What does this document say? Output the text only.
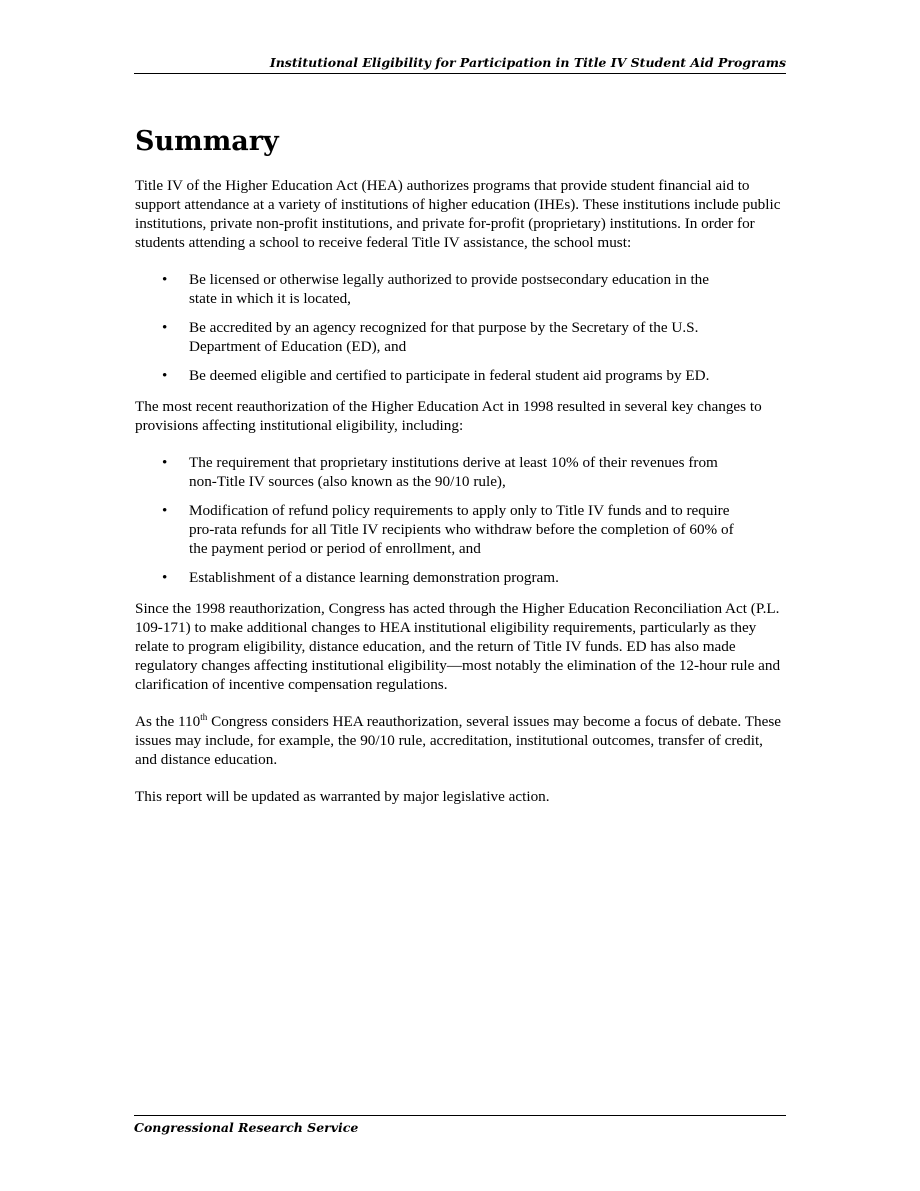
Institutional Eligibility for Participation in Title IV Student Aid Programs
Summary

Title IV of the Higher Education Act (HEA) authorizes programs that provide student financial aid to support attendance at a variety of institutions of higher education (IHEs). These institutions include public institutions, private non-profit institutions, and private for-profit (proprietary) institutions. In order for students attending a school to receive federal Title IV assistance, the school must:

• Be licensed or otherwise legally authorized to provide postsecondary education in the state in which it is located,
• Be accredited by an agency recognized for that purpose by the Secretary of the U.S. Department of Education (ED), and
• Be deemed eligible and certified to participate in federal student aid programs by ED.

The most recent reauthorization of the Higher Education Act in 1998 resulted in several key changes to provisions affecting institutional eligibility, including:

• The requirement that proprietary institutions derive at least 10% of their revenues from non-Title IV sources (also known as the 90/10 rule),
• Modification of refund policy requirements to apply only to Title IV funds and to require pro-rata refunds for all Title IV recipients who withdraw before the completion of 60% of the payment period or period of enrollment, and
• Establishment of a distance learning demonstration program.

Since the 1998 reauthorization, Congress has acted through the Higher Education Reconciliation Act (P.L. 109-171) to make additional changes to HEA institutional eligibility requirements, particularly as they relate to program eligibility, distance education, and the return of Title IV funds. ED has also made regulatory changes affecting institutional eligibility—most notably the elimination of the 12-hour rule and clarification of incentive compensation regulations.

As the 110th Congress considers HEA reauthorization, several issues may become a focus of debate. These issues may include, for example, the 90/10 rule, accreditation, institutional outcomes, transfer of credit, and distance education.

This report will be updated as warranted by major legislative action.

Congressional Research Service
